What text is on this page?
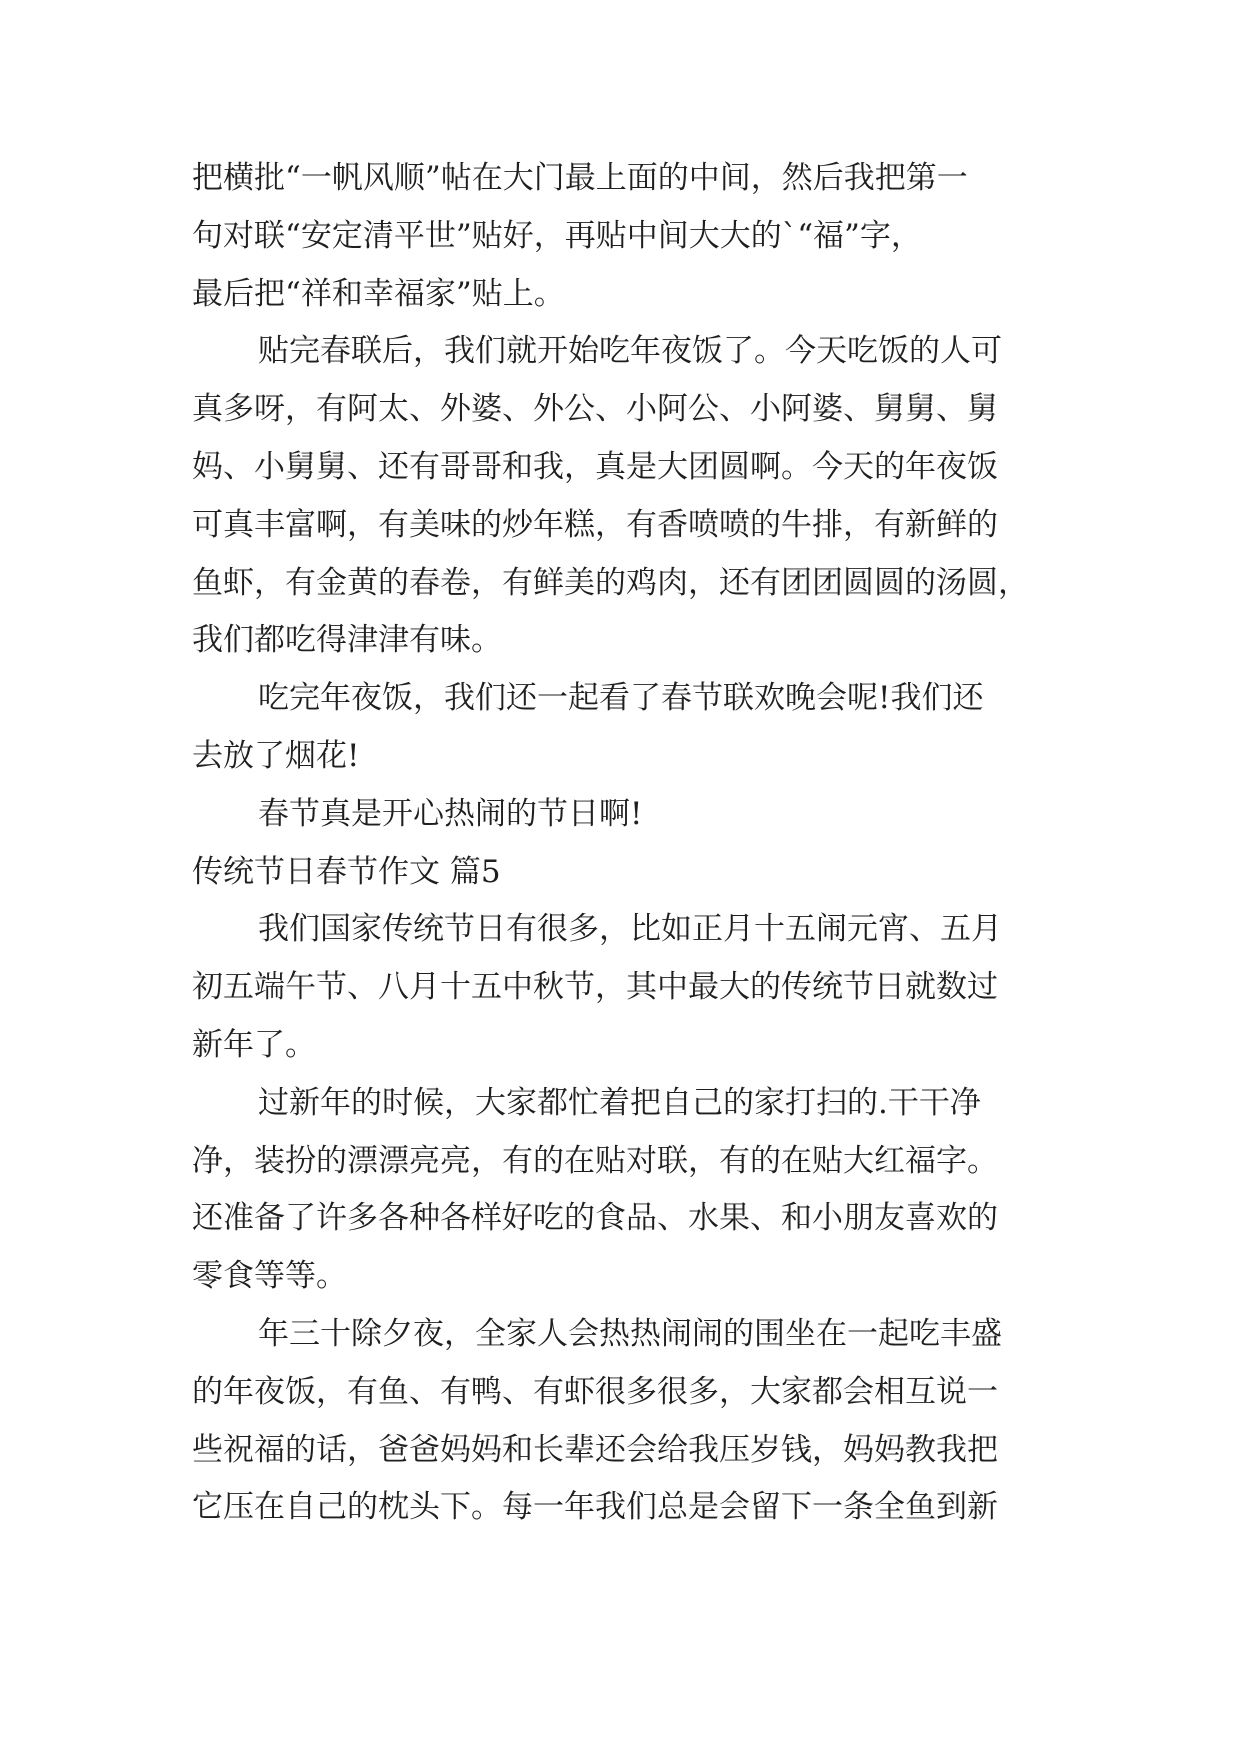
把横批“一帆风顺”帖在大门最上面的中间，然后我把第一
句对联“安定清平世”贴好，再贴中间大大的`“福”字，
最后把“祥和幸福家”贴上。
贴完春联后，我们就开始吃年夜饭了。今天吃饭的人可
真多呀，有阿太、外婆、外公、小阿公、小阿婆、舅舅、舅
妈、小舅舅、还有哥哥和我，真是大团圆啊。今天的年夜饭
可真丰富啊，有美味的炒年糕，有香喷喷的牛排，有新鲜的
鱼虾，有金黄的春卷，有鲜美的鸡肉，还有团团圆圆的汤圆，
我们都吃得津津有味。
吃完年夜饭，我们还一起看了春节联欢晚会呢!我们还
去放了烟花!
春节真是开心热闹的节日啊!
传统节日春节作文 篇5
我们国家传统节日有很多，比如正月十五闹元宵、五月
初五端午节、八月十五中秋节，其中最大的传统节日就数过
新年了。
过新年的时候，大家都忙着把自己的家打扫的.干干净
净，装扮的漂漂亮亮，有的在贴对联，有的在贴大红福字。
还准备了许多各种各样好吃的食品、水果、和小朋友喜欢的
零食等等。
年三十除夕夜，全家人会热热闹闹的围坐在一起吃丰盛
的年夜饭，有鱼、有鸭、有虾很多很多，大家都会相互说一
些祝福的话，爸爸妈妈和长辈还会给我压岁钱，妈妈教我把
它压在自己的枕头下。每一年我们总是会留下一条全鱼到新
